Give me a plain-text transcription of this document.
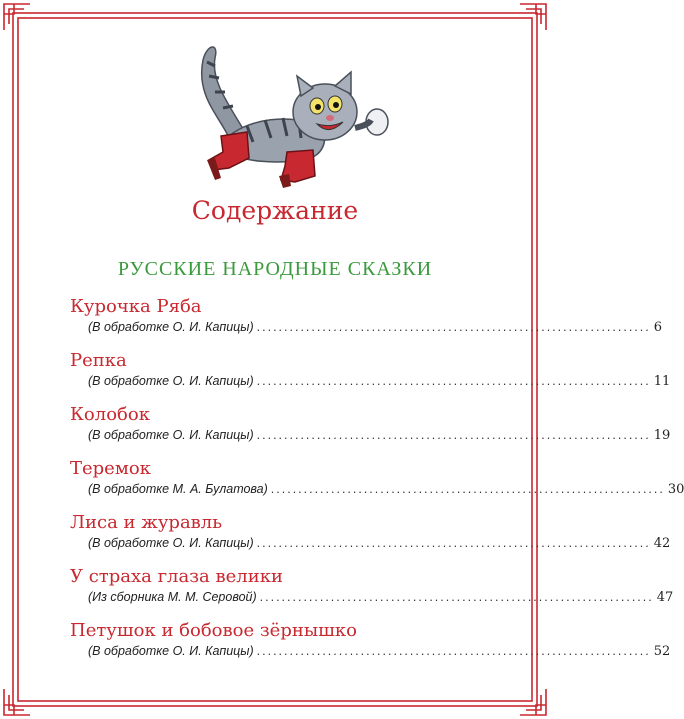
Содержание
РУССКИЕ НАРОДНЫЕ СКАЗКИ
Курочка Ряба
(В обработке О. И. Капицы) ........................................................................ 6
Репка
(В обработке О. И. Капицы) ........................................................................ 11
Колобок
(В обработке О. И. Капицы) ........................................................................ 19
Теремок
(В обработке М. А. Булатова) ........................................................................ 30
Лиса и журавль
(В обработке О. И. Капицы) ........................................................................ 42
У страха глаза велики
(Из сборника М. М. Серовой) ........................................................................ 47
Петушок и бобовое зёрнышко
(В обработке О. И. Капицы) ........................................................................ 52
